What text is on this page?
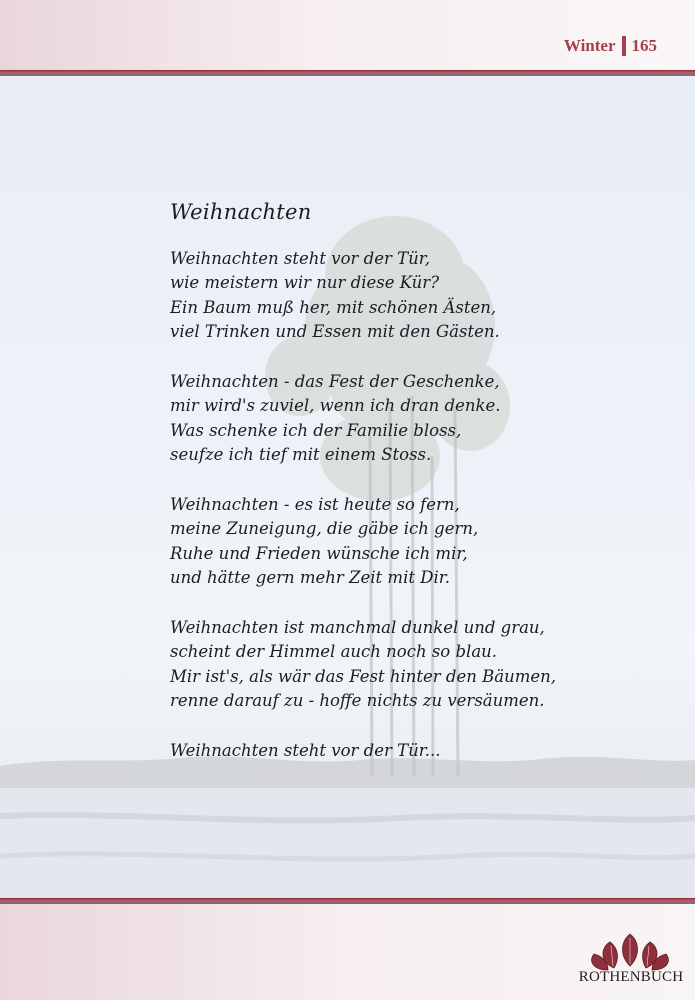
Winter 165
Weihnachten
Weihnachten steht vor der Tür,
wie meistern wir nur diese Kür?
Ein Baum muß her, mit schönen Ästen,
viel Trinken und Essen mit den Gästen.
Weihnachten - das Fest der Geschenke,
mir wird's zuviel, wenn ich dran denke.
Was schenke ich der Familie bloss,
seufze ich tief mit einem Stoss.
Weihnachten - es ist heute so fern,
meine Zuneigung, die gäbe ich gern,
Ruhe und Frieden wünsche ich mir,
und hätte gern mehr Zeit mit Dir.
Weihnachten ist manchmal dunkel und grau,
scheint der Himmel auch noch so blau.
Mir ist's, als wär das Fest hinter den Bäumen,
renne darauf zu - hoffe nichts zu versäumen.
Weihnachten steht vor der Tür...
ROTHENBUCH
